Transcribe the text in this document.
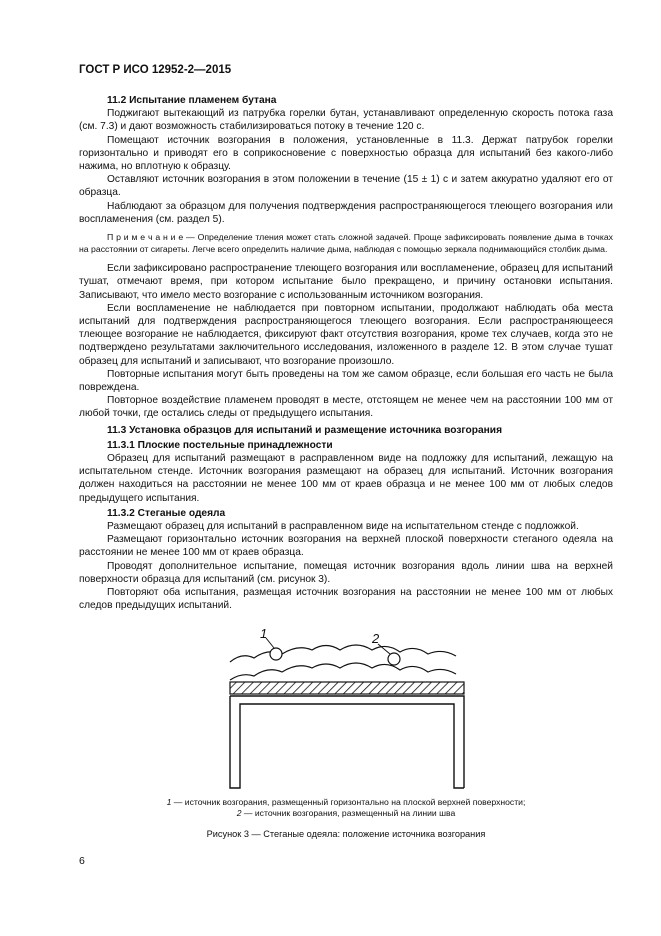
ГОСТ Р ИСО 12952-2—2015

11.2 Испытание пламенем бутана

Поджигают вытекающий из патрубка горелки бутан, устанавливают определенную скорость потока газа (см. 7.3) и дают возможность стабилизироваться потоку в течение 120 с.

Помещают источник возгорания в положения, установленные в 11.3. Держат патрубок горелки горизонтально и приводят его в соприкосновение с поверхностью образца для испытаний без какого-либо нажима, но вплотную к образцу.

Оставляют источник возгорания в этом положении в течение (15 ± 1) с и затем аккуратно удаляют его от образца.

Наблюдают за образцом для получения подтверждения распространяющегося тлеющего возгорания или воспламенения (см. раздел 5).

П р и м е ч а н и е — Определение тления может стать сложной задачей. Проще зафиксировать появление дыма в точках на расстоянии от сигареты. Легче всего определить наличие дыма, наблюдая с помощью зеркала поднимающийся столбик дыма.

Если зафиксировано распространение тлеющего возгорания или воспламенение, образец для испытаний тушат, отмечают время, при котором испытание было прекращено, и причину остановки испытания. Записывают, что имело место возгорание с использованным источником возгорания.

Если воспламенение не наблюдается при повторном испытании, продолжают наблюдать оба места испытаний для подтверждения распространяющегося тлеющего возгорания. Если распространяющееся тлеющее возгорание не наблюдается, фиксируют факт отсутствия возгорания, кроме тех случаев, когда это не подтверждено результатами заключительного исследования, изложенного в разделе 12. В этом случае тушат образец для испытаний и записывают, что возгорание произошло.

Повторные испытания могут быть проведены на том же самом образце, если большая его часть не была повреждена.

Повторное воздействие пламенем проводят в месте, отстоящем не менее чем на расстоянии 100 мм от любой точки, где остались следы от предыдущего испытания.

11.3 Установка образцов для испытаний и размещение источника возгорания

11.3.1 Плоские постельные принадлежности

Образец для испытаний размещают в расправленном виде на подложку для испытаний, лежащую на испытательном стенде. Источник возгорания размещают на образец для испытаний. Источник возгорания должен находиться на расстоянии не менее 100 мм от краев образца и не менее 100 мм от любых следов предыдущего испытания.

11.3.2 Стеганые одеяла

Размещают образец для испытаний в расправленном виде на испытательном стенде с подложкой.

Размещают горизонтально источник возгорания на верхней плоской поверхности стеганого одеяла на расстоянии не менее 100 мм от краев образца.

Проводят дополнительное испытание, помещая источник возгорания вдоль линии шва на верхней поверхности образца для испытаний (см. рисунок 3).

Повторяют оба испытания, размещая источник возгорания на расстоянии не менее 100 мм от любых следов предыдущих испытаний.

1	2
1 — источник возгорания, размещенный горизонтально на плоской верхней поверхности;
2 — источник возгорания, размещенный на линии шва
Рисунок 3 — Стеганые одеяла: положение источника возгорания
6
